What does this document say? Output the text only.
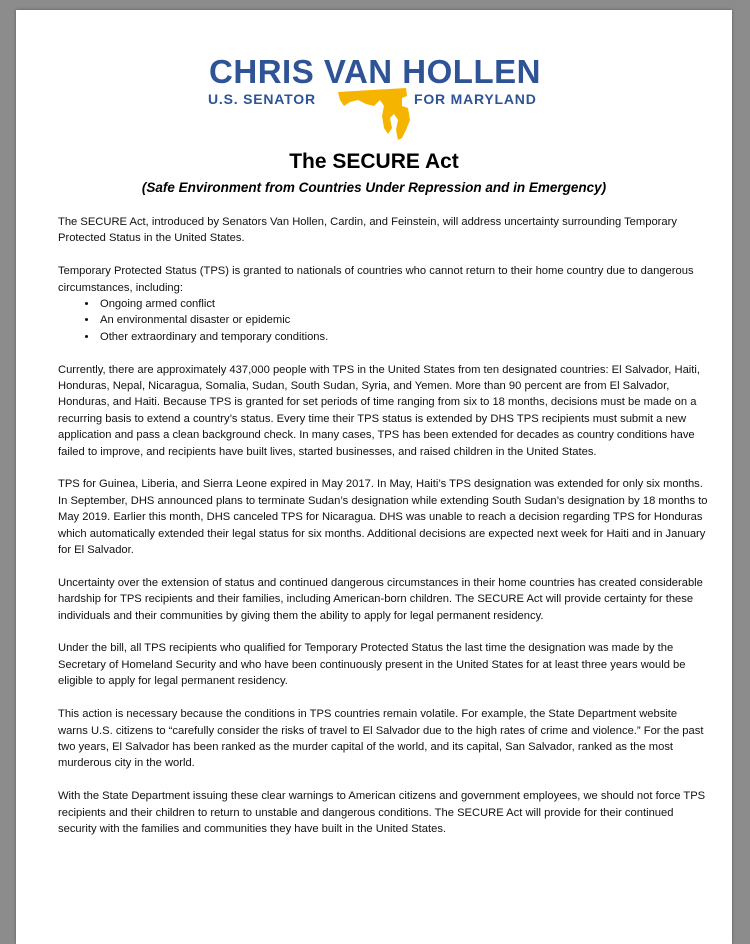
CHRIS VAN HOLLEN
U.S. SENATOR	FOR MARYLAND
The SECURE Act
(Safe Environment from Countries Under Repression and in Emergency)

The SECURE Act, introduced by Senators Van Hollen, Cardin, and Feinstein, will address uncertainty surrounding Temporary Protected Status in the United States.

Temporary Protected Status (TPS) is granted to nationals of countries who cannot return to their home country due to dangerous circumstances, including:

• Ongoing armed conflict
• An environmental disaster or epidemic
• Other extraordinary and temporary conditions.

Currently, there are approximately 437,000 people with TPS in the United States from ten designated countries: El Salvador, Haiti, Honduras, Nepal, Nicaragua, Somalia, Sudan, South Sudan, Syria, and Yemen. More than 90 percent are from El Salvador, Honduras, and Haiti. Because TPS is granted for set periods of time ranging from six to 18 months, decisions must be made on a recurring basis to extend a country’s status. Every time their TPS status is extended by DHS TPS recipients must submit a new application and pass a clean background check. In many cases, TPS has been extended for decades as country conditions have failed to improve, and recipients have built lives, started businesses, and raised children in the United States.

TPS for Guinea, Liberia, and Sierra Leone expired in May 2017. In May, Haiti’s TPS designation was extended for only six months. In September, DHS announced plans to terminate Sudan’s designation while extending South Sudan’s designation by 18 months to May 2019. Earlier this month, DHS canceled TPS for Nicaragua. DHS was unable to reach a decision regarding TPS for Honduras which automatically extended their legal status for six months. Additional decisions are expected next week for Haiti and in January for El Salvador.

Uncertainty over the extension of status and continued dangerous circumstances in their home countries has created considerable hardship for TPS recipients and their families, including American-born children. The SECURE Act will provide certainty for these individuals and their communities by giving them the ability to apply for legal permanent residency.

Under the bill, all TPS recipients who qualified for Temporary Protected Status the last time the designation was made by the Secretary of Homeland Security and who have been continuously present in the United States for at least three years would be eligible to apply for legal permanent residency.

This action is necessary because the conditions in TPS countries remain volatile. For example, the State Department website warns U.S. citizens to “carefully consider the risks of travel to El Salvador due to the high rates of crime and violence.” For the past two years, El Salvador has been ranked as the murder capital of the world, and its capital, San Salvador, ranked as the most murderous city in the world.

With the State Department issuing these clear warnings to American citizens and government employees, we should not force TPS recipients and their children to return to unstable and dangerous conditions. The SECURE Act will provide for their continued security with the families and communities they have built in the United States.
